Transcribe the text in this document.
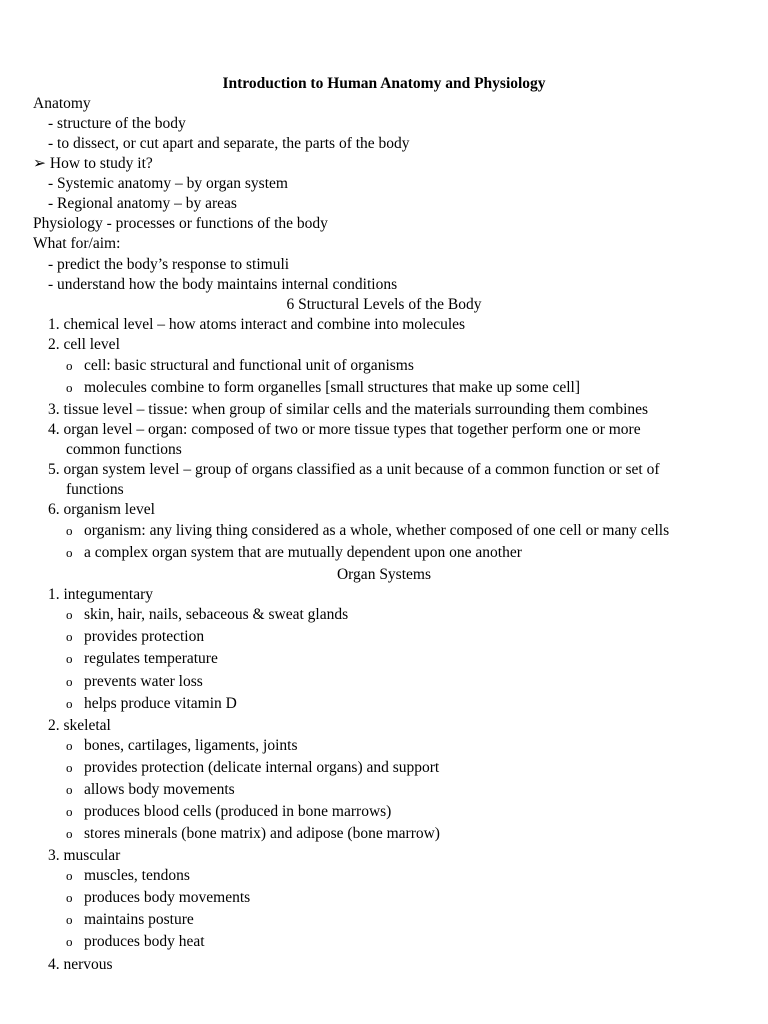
Introduction to Human Anatomy and Physiology
Anatomy
- structure of the body
- to dissect, or cut apart and separate, the parts of the body
➢ How to study it?
- Systemic anatomy – by organ system
- Regional anatomy – by areas
Physiology - processes or functions of the body
What for/aim:
- predict the body’s response to stimuli
- understand how the body maintains internal conditions
6 Structural Levels of the Body
1. chemical level – how atoms interact and combine into molecules
2. cell level
o cell: basic structural and functional unit of organisms
o molecules combine to form organelles [small structures that make up some cell]
3. tissue level – tissue: when group of similar cells and the materials surrounding them combines
4. organ level – organ: composed of two or more tissue types that together perform one or more
common functions
5. organ system level – group of organs classified as a unit because of a common function or set of
functions
6. organism level
o organism: any living thing considered as a whole, whether composed of one cell or many cells
o a complex organ system that are mutually dependent upon one another
Organ Systems
1. integumentary
o skin, hair, nails, sebaceous & sweat glands
o provides protection
o regulates temperature
o prevents water loss
o helps produce vitamin D
2. skeletal
o bones, cartilages, ligaments, joints
o provides protection (delicate internal organs) and support
o allows body movements
o produces blood cells (produced in bone marrows)
o stores minerals (bone matrix) and adipose (bone marrow)
3. muscular
o muscles, tendons
o produces body movements
o maintains posture
o produces body heat
4. nervous
